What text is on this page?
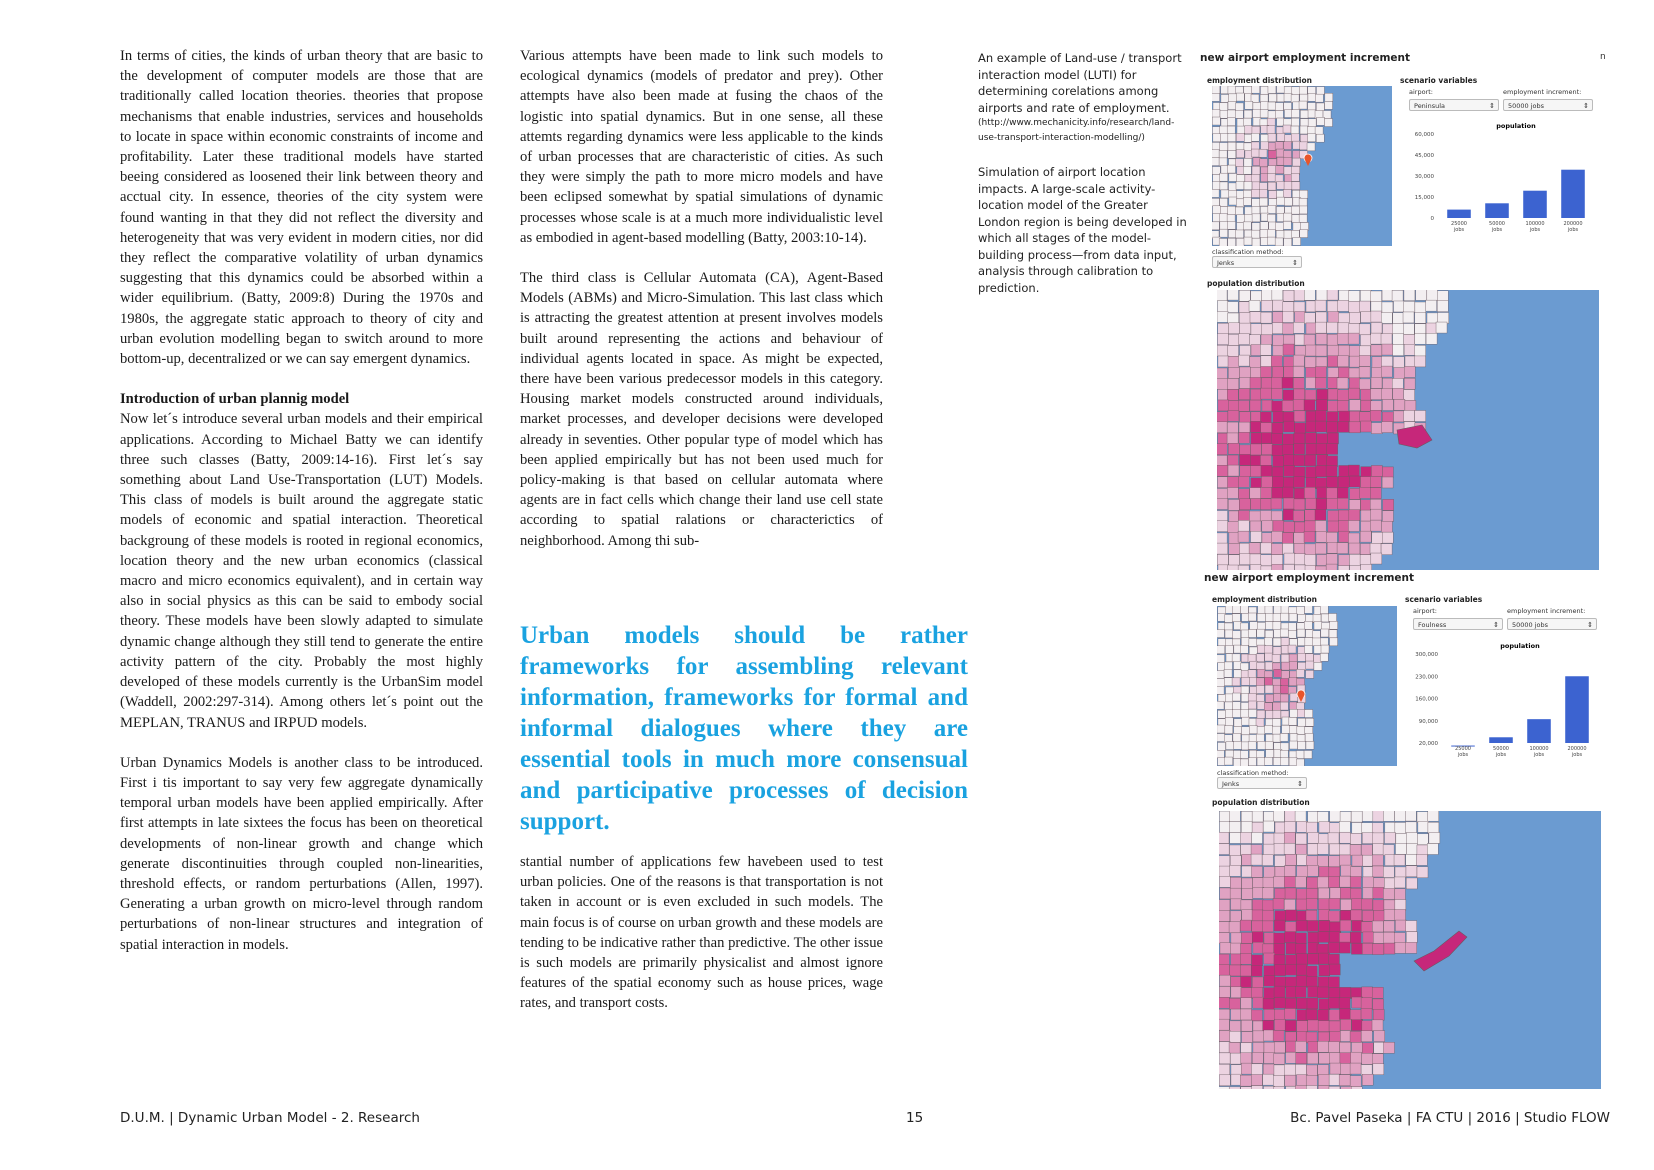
In terms of cities, the kinds of urban theory that are basic to the development of computer models are those that are traditionally called location theories. theories that propose mechanisms that enable industries, services and households to locate in space within economic constraints of income and profitability. Later these traditional models have started beeing considered as loosened their link between theory and acctual city. In essence, theories of the city system were found wanting in that they did not reflect the diversity and heterogeneity that was very evident in modern cities, nor did they reflect the comparative volatility of urban dynamics suggesting that this dynamics could be absorbed within a wider equilibrium. (Batty, 2009:8) During the 1970s and 1980s, the aggregate static approach to theory of city and urban evolution modelling began to switch around to more bottom-up, decentralized or we can say emergent dynamics.

Introduction of urban plannig model

Now let´s introduce several urban models and their empirical applications. According to Michael Batty we can identify three such classes (Batty, 2009:14-16). First let´s say something about Land Use-Transportation (LUT) Models. This class of models is built around the aggregate static models of economic and spatial interaction. Theoretical backgroung of these models is rooted in regional economics, location theory and the new urban economics (classical macro and micro economics equivalent), and in certain way also in social physics as this can be said to embody social theory. These models have been slowly adapted to simulate dynamic change although they still tend to generate the entire activity pattern of the city. Probably the most highly developed of these models currently is the UrbanSim model (Waddell, 2002:297-314). Among others let´s point out the MEPLAN, TRANUS and IRPUD models.

Urban Dynamics Models is another class to be introduced. First i tis important to say very few aggregate dynamically temporal urban models have been applied empirically. After first attempts in late sixtees the focus has been on theoretical developments of non-linear growth and change which generate discontinuities through coupled non-linearities, threshold effects, or random perturbations (Allen, 1997). Generating a urban growth on micro-level through random perturbations of non-linear structures and integration of spatial interaction in models.

Various attempts have been made to link such models to ecological dynamics (models of predator and prey). Other attempts have also been made at fusing the chaos of the logistic into spatial dynamics. But in one sense, all these attemts regarding dynamics were less applicable to the kinds of urban processes that are characteristic of cities. As such they were simply the path to more micro models and have been eclipsed somewhat by spatial simulations of dynamic processes whose scale is at a much more individualistic level as embodied in agent-based modelling (Batty, 2003:10-14).

The third class is Cellular Automata (CA), Agent-Based Models (ABMs) and Micro-Simulation. This last class which is attracting the greatest attention at present involves models built around representing the actions and behaviour of individual agents located in space. As might be expected, there have been various predecessor models in this category. Housing market models constructed around individuals, market processes, and developer decisions were developed already in seventies. Other popular type of model which has been applied empirically but has not been used much for policy-making is that based on cellular automata where agents are in fact cells which change their land use cell state according to spatial ralations or characterictics of neighborhood. Among thi sub-

Urban models should be rather frameworks for assembling relevant information, frameworks for formal and informal dialogues where they are essential tools in much more consensual and participative processes of decision support.

stantial number of applications few havebeen used to test urban policies. One of the reasons is that transportation is not taken in account or is even excluded in such models. The main focus is of course on urban growth and these models are tending to be indicative rather than predictive. The other issue is such models are primarily physicalist and almost ignore features of the spatial economy such as house prices, wage rates, and transport costs.

An example of Land-use / transport interaction model (LUTI) for determining corelations among airports and rate of employment.
(http://www.mechanicity.info/research/land-use-transport-interaction-modelling/)
Simulation of airport location impacts. A large-scale activity-location model of the Greater London region is being developed in which all stages of the model-building process—from data input, analysis through calibration to prediction.
n
new airport employment increment
employment distribution	scenario variables
airport:	employment increment:
Peninsula ⇕	50000 jobs ⇕
population
60,000
45,000
30,000
15,000
0
25000
jobs
50000
jobs
100000
jobs
200000
jobs
classification method:
Jenks ⇕
population distribution
new airport employment increment
employment distribution	scenario variables
airport:	employment increment:
Foulness ⇕	50000 jobs ⇕
population
300,000
230,000
160,000
90,000
20,000
25000
jobs
50000
jobs
100000
jobs
200000
jobs
classification method:
Jenks ⇕
population distribution
D.U.M. | Dynamic Urban Model - 2. Research	15	Bc. Pavel Paseka | FA CTU | 2016 | Studio FLOW
